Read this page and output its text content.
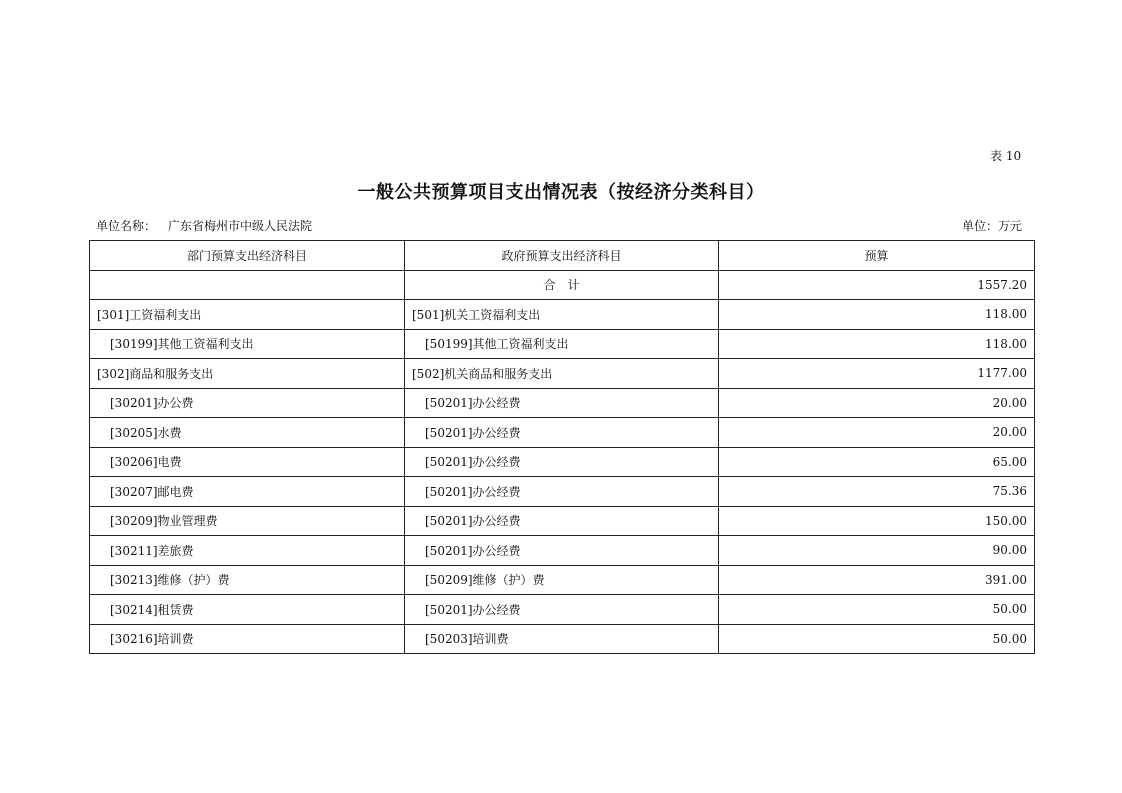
表 10
一般公共预算项目支出情况表（按经济分类科目）
单位名称： 广东省梅州市中级人民法院	单位：万元
部门预算支出经济科目	政府预算支出经济科目	预算
	合　计	1557.20
[301]工资福利支出	[501]机关工资福利支出	118.00
[30199]其他工资福利支出	[50199]其他工资福利支出	118.00
[302]商品和服务支出	[502]机关商品和服务支出	1177.00
[30201]办公费	[50201]办公经费	20.00
[30205]水费	[50201]办公经费	20.00
[30206]电费	[50201]办公经费	65.00
[30207]邮电费	[50201]办公经费	75.36
[30209]物业管理费	[50201]办公经费	150.00
[30211]差旅费	[50201]办公经费	90.00
[30213]维修（护）费	[50209]维修（护）费	391.00
[30214]租赁费	[50201]办公经费	50.00
[30216]培训费	[50203]培训费	50.00
